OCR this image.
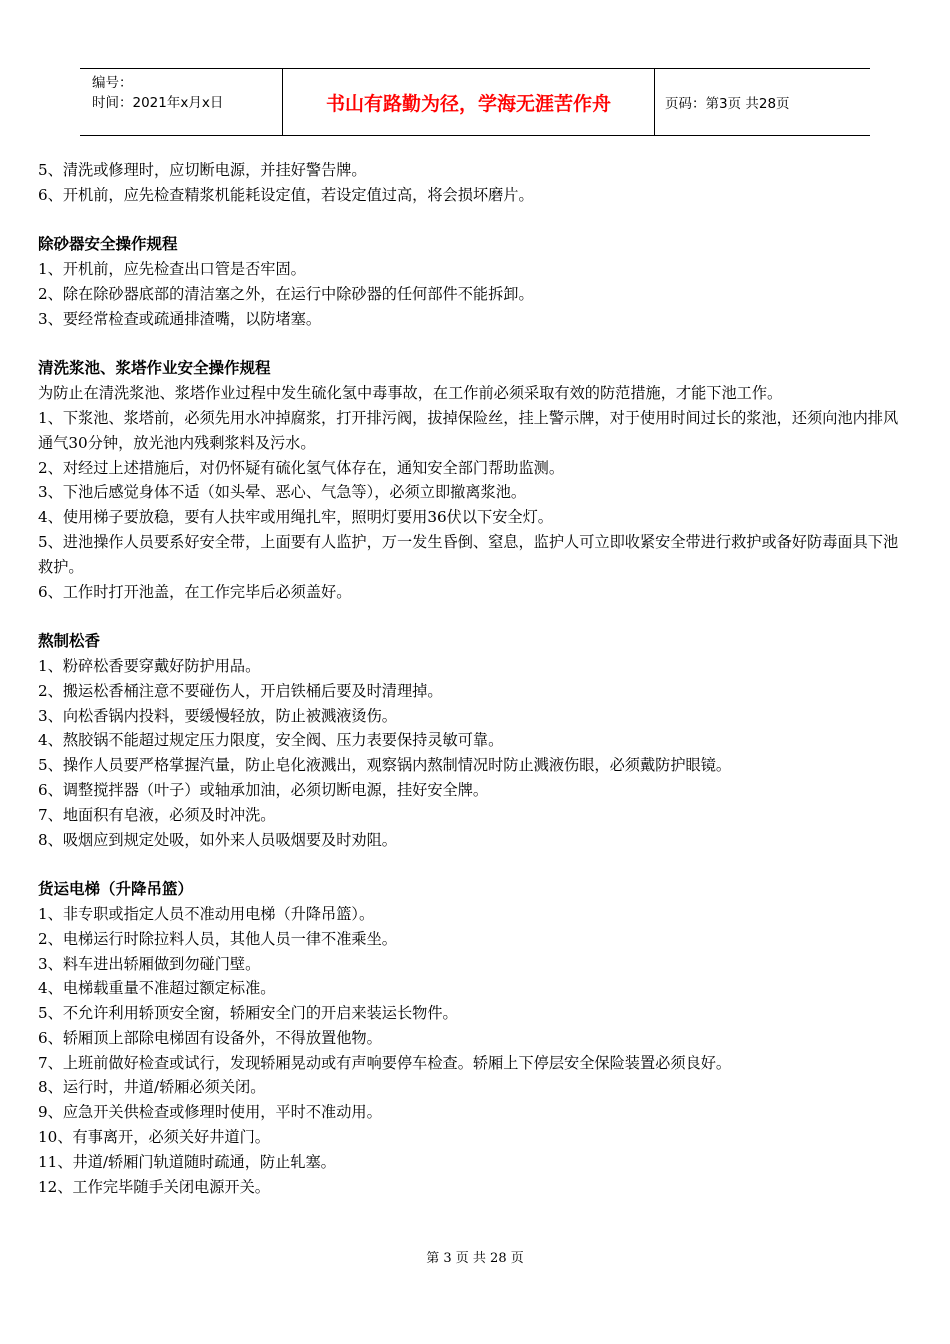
编号：
时间：2021年x月x日	书山有路勤为径，学海无涯苦作舟	页码：第3页 共28页
5、清洗或修理时，应切断电源，并挂好警告牌。
6、开机前，应先检查精浆机能耗设定值，若设定值过高，将会损坏磨片。
除砂器安全操作规程
1、开机前，应先检查出口管是否牢固。
2、除在除砂器底部的清洁塞之外，在运行中除砂器的任何部件不能拆卸。
3、要经常检查或疏通排渣嘴，以防堵塞。
清洗浆池、浆塔作业安全操作规程
为防止在清洗浆池、浆塔作业过程中发生硫化氢中毒事故，在工作前必须采取有效的防范措施，才能下池工作。
1、下浆池、浆塔前，必须先用水冲掉腐浆，打开排污阀，拔掉保险丝，挂上警示牌，对于使用时间过长的浆池，还须向池内排风通气30分钟，放光池内残剩浆料及污水。
2、对经过上述措施后，对仍怀疑有硫化氢气体存在，通知安全部门帮助监测。
3、下池后感觉身体不适（如头晕、恶心、气急等），必须立即撤离浆池。
4、使用梯子要放稳，要有人扶牢或用绳扎牢，照明灯要用36伏以下安全灯。
5、进池操作人员要系好安全带，上面要有人监护，万一发生昏倒、窒息，监护人可立即收紧安全带进行救护或备好防毒面具下池救护。
6、工作时打开池盖，在工作完毕后必须盖好。
熬制松香
1、粉碎松香要穿戴好防护用品。
2、搬运松香桶注意不要碰伤人，开启铁桶后要及时清理掉。
3、向松香锅内投料，要缓慢轻放，防止被溅液烫伤。
4、熬胶锅不能超过规定压力限度，安全阀、压力表要保持灵敏可靠。
5、操作人员要严格掌握汽量，防止皂化液溅出，观察锅内熬制情况时防止溅液伤眼，必须戴防护眼镜。
6、调整搅拌器（叶子）或轴承加油，必须切断电源，挂好安全牌。
7、地面积有皂液，必须及时冲洗。
8、吸烟应到规定处吸，如外来人员吸烟要及时劝阻。
货运电梯（升降吊篮）
1、非专职或指定人员不准动用电梯（升降吊篮）。
2、电梯运行时除拉料人员，其他人员一律不准乘坐。
3、料车进出轿厢做到勿碰门壁。
4、电梯载重量不准超过额定标准。
5、不允许利用轿顶安全窗，轿厢安全门的开启来装运长物件。
6、轿厢顶上部除电梯固有设备外，不得放置他物。
7、上班前做好检查或试行，发现轿厢晃动或有声响要停车检查。轿厢上下停层安全保险装置必须良好。
8、运行时，井道/轿厢必须关闭。
9、应急开关供检查或修理时使用，平时不准动用。
10、有事离开，必须关好井道门。
11、井道/轿厢门轨道随时疏通，防止轧塞。
12、工作完毕随手关闭电源开关。
第 3 页 共 28 页
